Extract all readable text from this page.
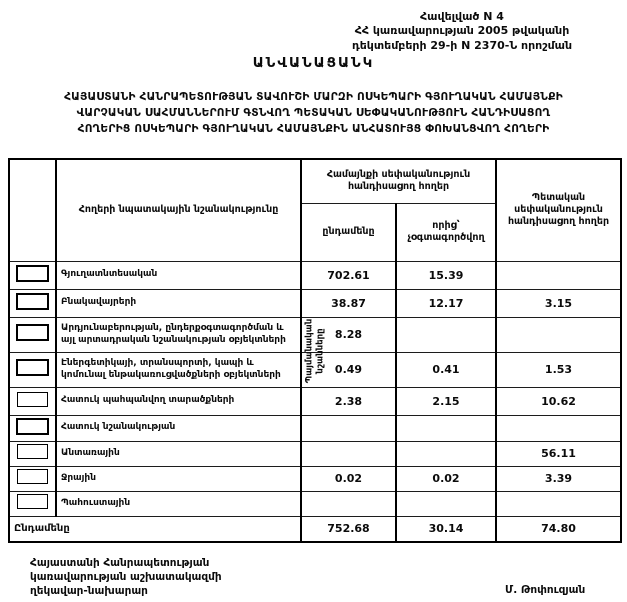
Հավելված N 4
ՀՀ կառավարության 2005 թվականի
դեկտեմբերի 29-ի N 2370-Ն որոշման
ԱՆՎԱՆԱՑԱՆԿ
ՀԱՅԱՍՏԱՆԻ ՀԱՆՐԱՊԵՏՈՒԹՅԱՆ ՏԱՎՈՒՇԻ ՄԱՐԶԻ ՈՍԿԵՊԱՐԻ ԳՅՈՒՂԱԿԱՆ ՀԱՄԱՅՆՔԻ
ՎԱՐՉԱԿԱՆ ՍԱՀՄԱՆՆԵՐՈՒՄ ԳՏՆՎՈՂ ՊԵՏԱԿԱՆ ՍԵՓԱԿԱՆՈՒԹՅՈՒՆ ՀԱՆԴԻՍԱՑՈՂ
ՀՈՂԵՐԻՑ ՈՍԿԵՊԱՐԻ ԳՅՈՒՂԱԿԱՆ ՀԱՄԱՅՆՔԻՆ ԱՆՀԱՏՈՒՅՑ ՓՈԽԱՆՑՎՈՂ ՀՈՂԵՐԻ
Պայմանական նշանները	Հողերի նպատակային նշանակությունը	Համայնքի սեփականություն հանդիսացող հողեր		Պետական սեփականություն հանդիսացող հողեր
		ընդամենը	որից՝ չօգտագործվող	
	Գյուղատնտեսական	702.61	15.39	
	Բնակավայրերի	38.87	12.17	3.15
	Արդյունաբերության, ընդերքօգտագործման և այլ արտադրական նշանակության օբյեկտների	8.28		
	Էներգետիկայի, տրանսպորտի, կապի և կոմունալ ենթակառուցվածքների օբյեկտների	0.49	0.41	1.53
	Հատուկ պահպանվող տարածքների	2.38	2.15	10.62
	Հատուկ նշանակության			
	Անտառային			56.11
	Ջրային	0.02	0.02	3.39
	Պահուստային			
Ընդամենը		752.68	30.14	74.80
Հայաստանի Հանրապետության
կառավարության աշխատակազմի
ղեկավար-նախարար	Մ. Թոփուզյան
